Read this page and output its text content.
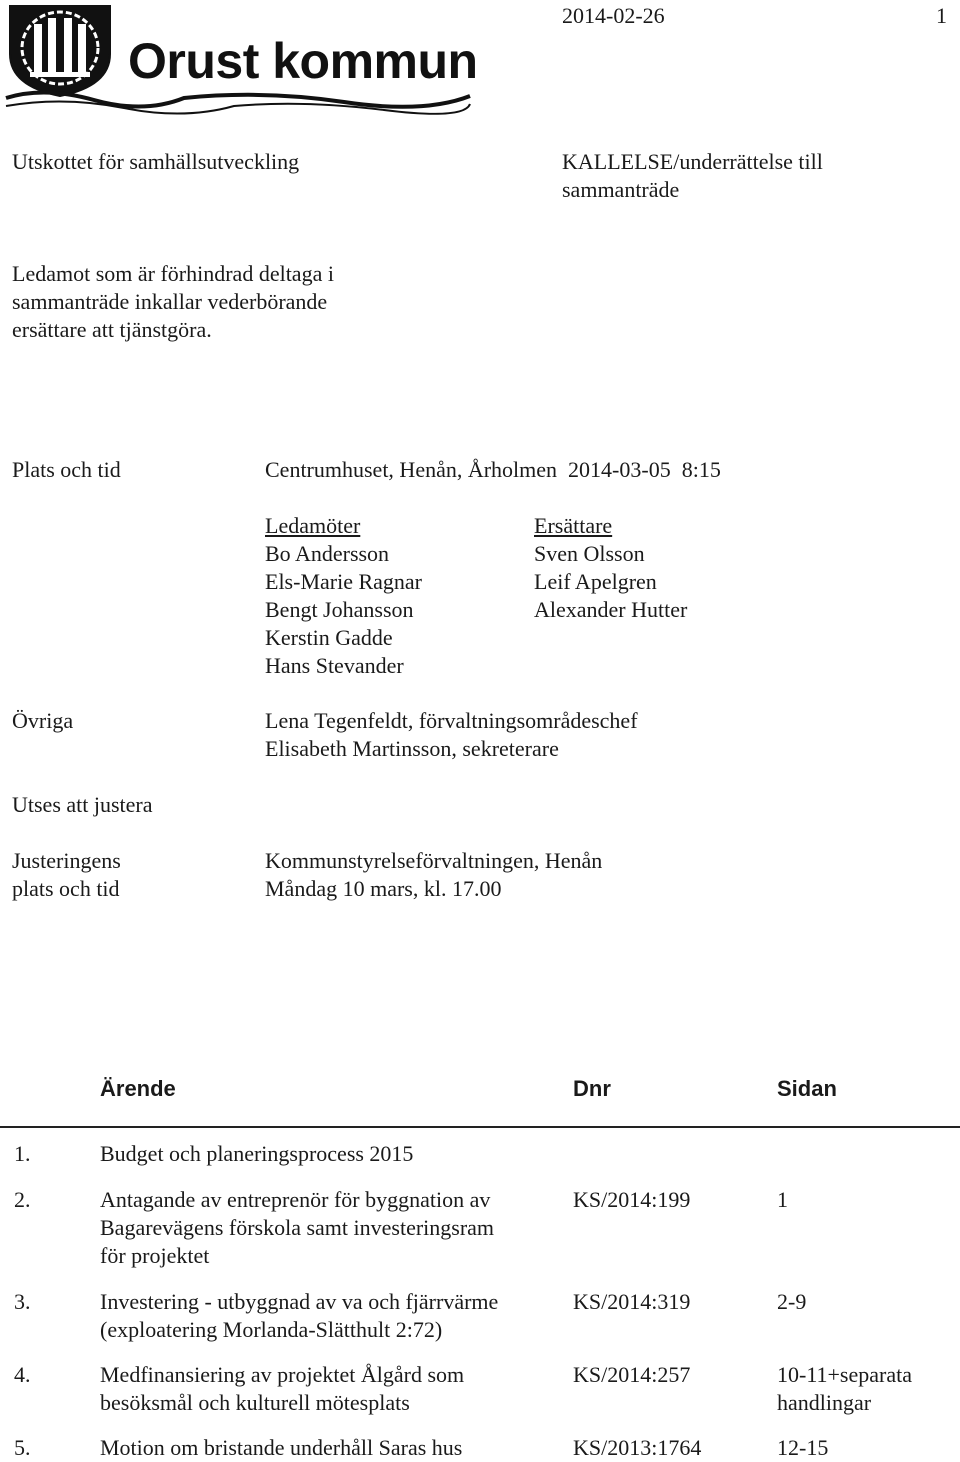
Orust kommun
2014-02-26	1
Utskottet för samhällsutveckling	KALLELSE/underrättelse till
sammanträde
Ledamot som är förhindrad deltaga i
sammanträde inkallar vederbörande
ersättare att tjänstgöra.
Plats och tid	Centrumhuset, Henån, Årholmen  2014-03-05  8:15
Ledamöter
Bo Andersson
Els-Marie Ragnar
Bengt Johansson
Kerstin Gadde
Hans Stevander
Ersättare
Sven Olsson
Leif Apelgren
Alexander Hutter
Övriga	Lena Tegenfeldt, förvaltningsområdeschef
Elisabeth Martinsson, sekreterare
Utses att justera
Justeringens
plats och tid
Kommunstyrelseförvaltningen, Henån
Måndag 10 mars, kl. 17.00
Ärende	Dnr	Sidan
1.	Budget och planeringsprocess 2015
2.	Antagande av entreprenör för byggnation av
Bagarevägens förskola samt investeringsram
för projektet
KS/2014:199	1
3.	Investering - utbyggnad av va och fjärrvärme
(exploatering Morlanda-Slätthult 2:72)
KS/2014:319	2-9
4.	Medfinansiering av projektet Ålgård som
besöksmål och kulturell mötesplats
KS/2014:257	10-11+separata
handlingar
5.	Motion om bristande underhåll Saras hus	KS/2013:1764	12-15
